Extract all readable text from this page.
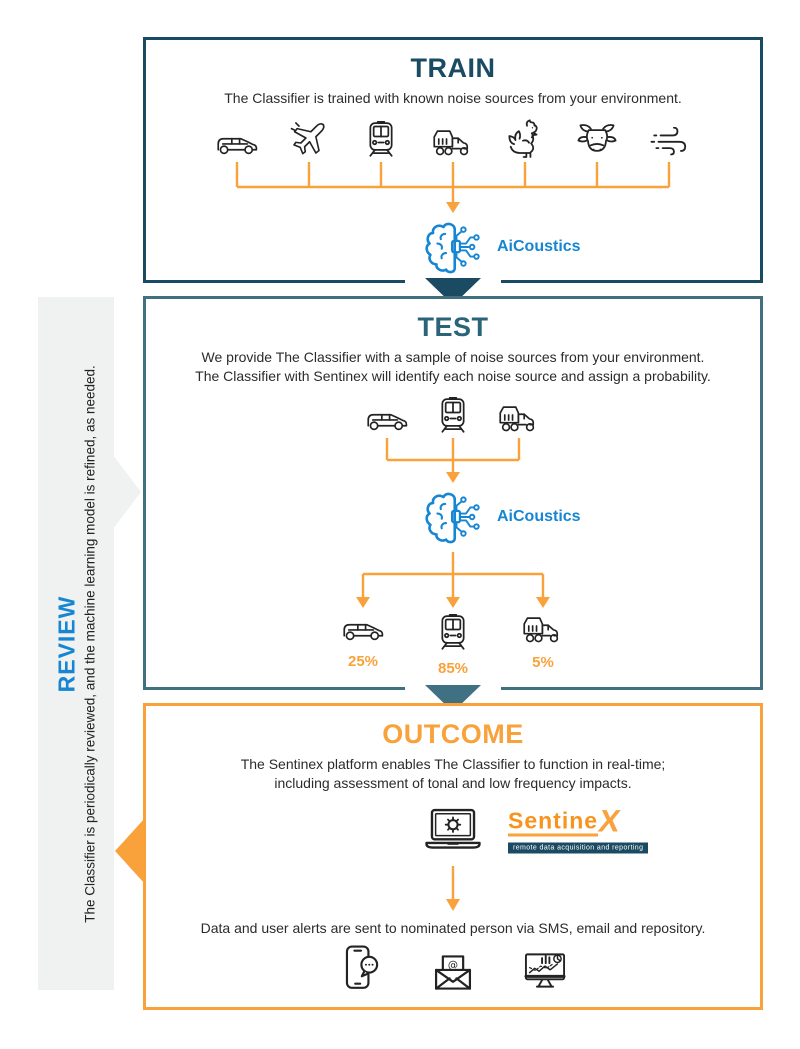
REVIEW The Classifier is periodically reviewed, and the machine learning model is refined, as needed.
TRAIN
The Classifier is trained with known noise sources from your environment.
AiCoustics
TEST
We provide The Classifier with a sample of noise sources from your environment.
The Classifier with Sentinex will identify each noise source and assign a probability.
AiCoustics
25%	85%	5%
OUTCOME
The Sentinex platform enables The Classifier to function in real-time;
including assessment of tonal and low frequency impacts.
SentineX
remote data acquisition and reporting
Data and user alerts are sent to nominated person via SMS, email and repository.
